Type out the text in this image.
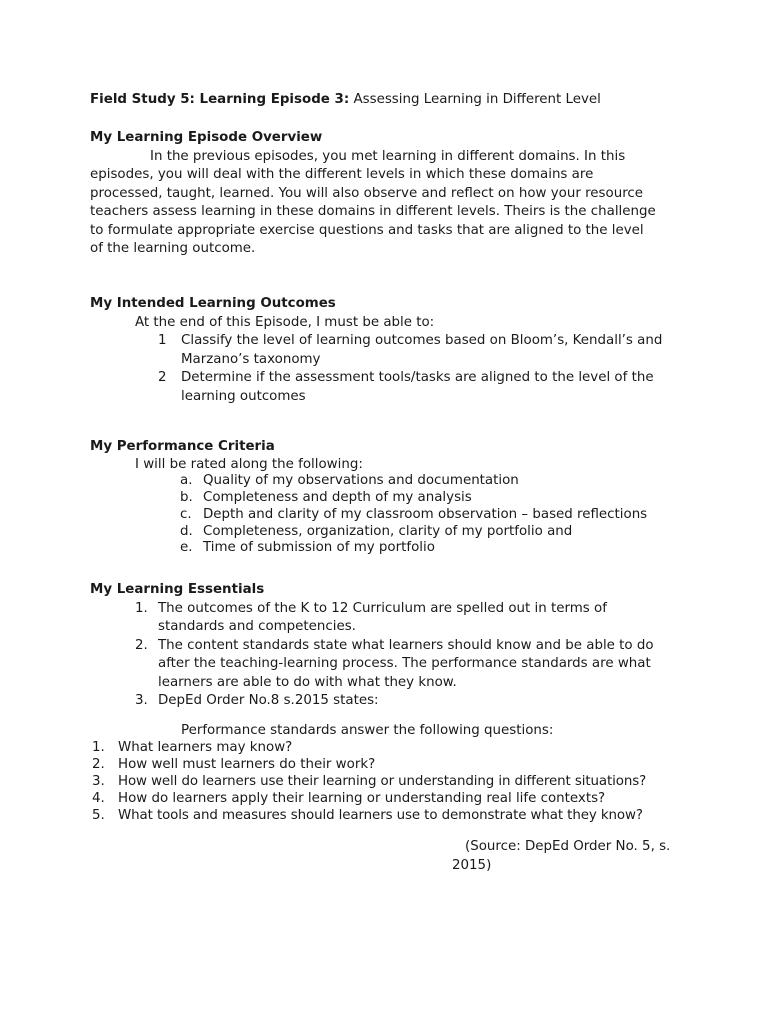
Field Study 5: Learning Episode 3: Assessing Learning in Different Level

My Learning Episode Overview

In the previous episodes, you met learning in different domains. In this episodes, you will deal with the different levels in which these domains are processed, taught, learned. You will also observe and reflect on how your resource teachers assess learning in these domains in different levels. Theirs is the challenge to formulate appropriate exercise questions and tasks that are aligned to the level of the learning outcome.

My Intended Learning Outcomes

At the end of this Episode, I must be able to:

1	Classify the level of learning outcomes based on Bloom’s, Kendall’s and Marzano’s taxonomy
2	Determine if the assessment tools/tasks are aligned to the level of the learning outcomes

My Performance Criteria

I will be rated along the following:

a. Quality of my observations and documentation
b. Completeness and depth of my analysis
c. Depth and clarity of my classroom observation – based reflections
d. Completeness, organization, clarity of my portfolio and
e. Time of submission of my portfolio

My Learning Essentials

1. The outcomes of the K to 12 Curriculum are spelled out in terms of standards and competencies.
2. The content standards state what learners should know and be able to do after the teaching-learning process. The performance standards are what learners are able to do with what they know.
3. DepEd Order No.8 s.2015 states:

Performance standards answer the following questions:

1. What learners may know?
2. How well must learners do their work?
3. How well do learners use their learning or understanding in different situations?
4. How do learners apply their learning or understanding real life contexts?
5. What tools and measures should learners use to demonstrate what they know?

(Source: DepEd Order No. 5, s.

2015)
